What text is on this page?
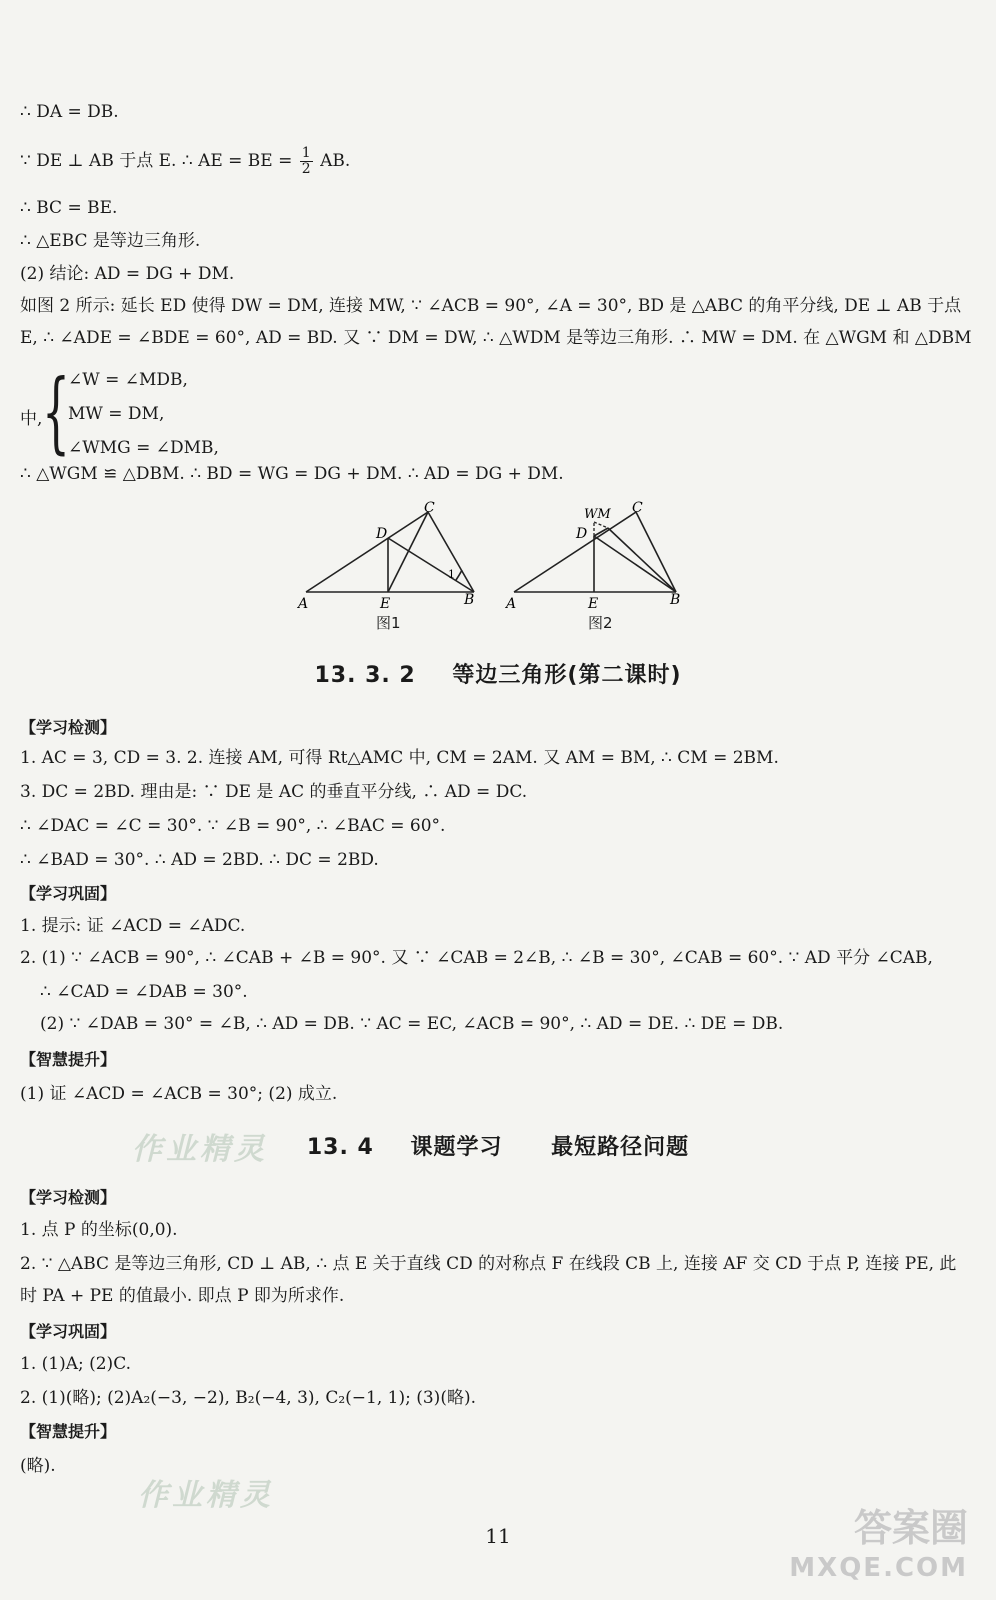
∴ DA = DB.
∵ DE ⊥ AB 于点 E. ∴ AE = BE = $\frac{1}{2}$ AB.
∴ BC = BE.
∴ △EBC 是等边三角形.
(2) 结论: AD = DG + DM.
如图 2 所示: 延长 ED 使得 DW = DM, 连接 MW, ∵ ∠ACB = 90°, ∠A = 30°, BD 是 △ABC 的角平分线, DE ⊥ AB 于点
E, ∴ ∠ADE = ∠BDE = 60°, AD = BD. 又 ∵ DM = DW, ∴ △WDM 是等边三角形. ∴ MW = DM. 在 △WGM 和 △DBM
中, {
∠W = ∠MDB,
MW = DM,
∠WMG = ∠DMB,
∴ △WGM ≌ △DBM. ∴ BD = WG = DG + DM. ∴ AD = DG + DM.
A	E	B
C
D
1
图1
A	E	B
C
D
WM
图2
13. 3. 2 等边三角形(第二课时)
【学习检测】
1. AC = 3, CD = 3. 2. 连接 AM, 可得 Rt△AMC 中, CM = 2AM. 又 AM = BM, ∴ CM = 2BM.
3. DC = 2BD. 理由是: ∵ DE 是 AC 的垂直平分线, ∴ AD = DC.
∴ ∠DAC = ∠C = 30°. ∵ ∠B = 90°, ∴ ∠BAC = 60°.
∴ ∠BAD = 30°. ∴ AD = 2BD. ∴ DC = 2BD.
【学习巩固】
1. 提示: 证 ∠ACD = ∠ADC.
2. (1) ∵ ∠ACB = 90°, ∴ ∠CAB + ∠B = 90°. 又 ∵ ∠CAB = 2∠B, ∴ ∠B = 30°, ∠CAB = 60°. ∵ AD 平分 ∠CAB,
∴ ∠CAD = ∠DAB = 30°.
(2) ∵ ∠DAB = 30° = ∠B, ∴ AD = DB. ∵ AC = EC, ∠ACB = 90°, ∴ AD = DE. ∴ DE = DB.
【智慧提升】
(1) 证 ∠ACD = ∠ACB = 30°; (2) 成立.
作业精灵	13. 4 课题学习 最短路径问题
【学习检测】
1. 点 P 的坐标(0,0).
2. ∵ △ABC 是等边三角形, CD ⊥ AB, ∴ 点 E 关于直线 CD 的对称点 F 在线段 CB 上, 连接 AF 交 CD 于点 P, 连接 PE, 此
时 PA + PE 的值最小. 即点 P 即为所求作.
【学习巩固】
1. (1)A; (2)C.
2. (1)(略); (2)A₂(−3, −2), B₂(−4, 3), C₂(−1, 1); (3)(略).
【智慧提升】
(略).
作业精灵
11	答案圈
MXQE.COM
